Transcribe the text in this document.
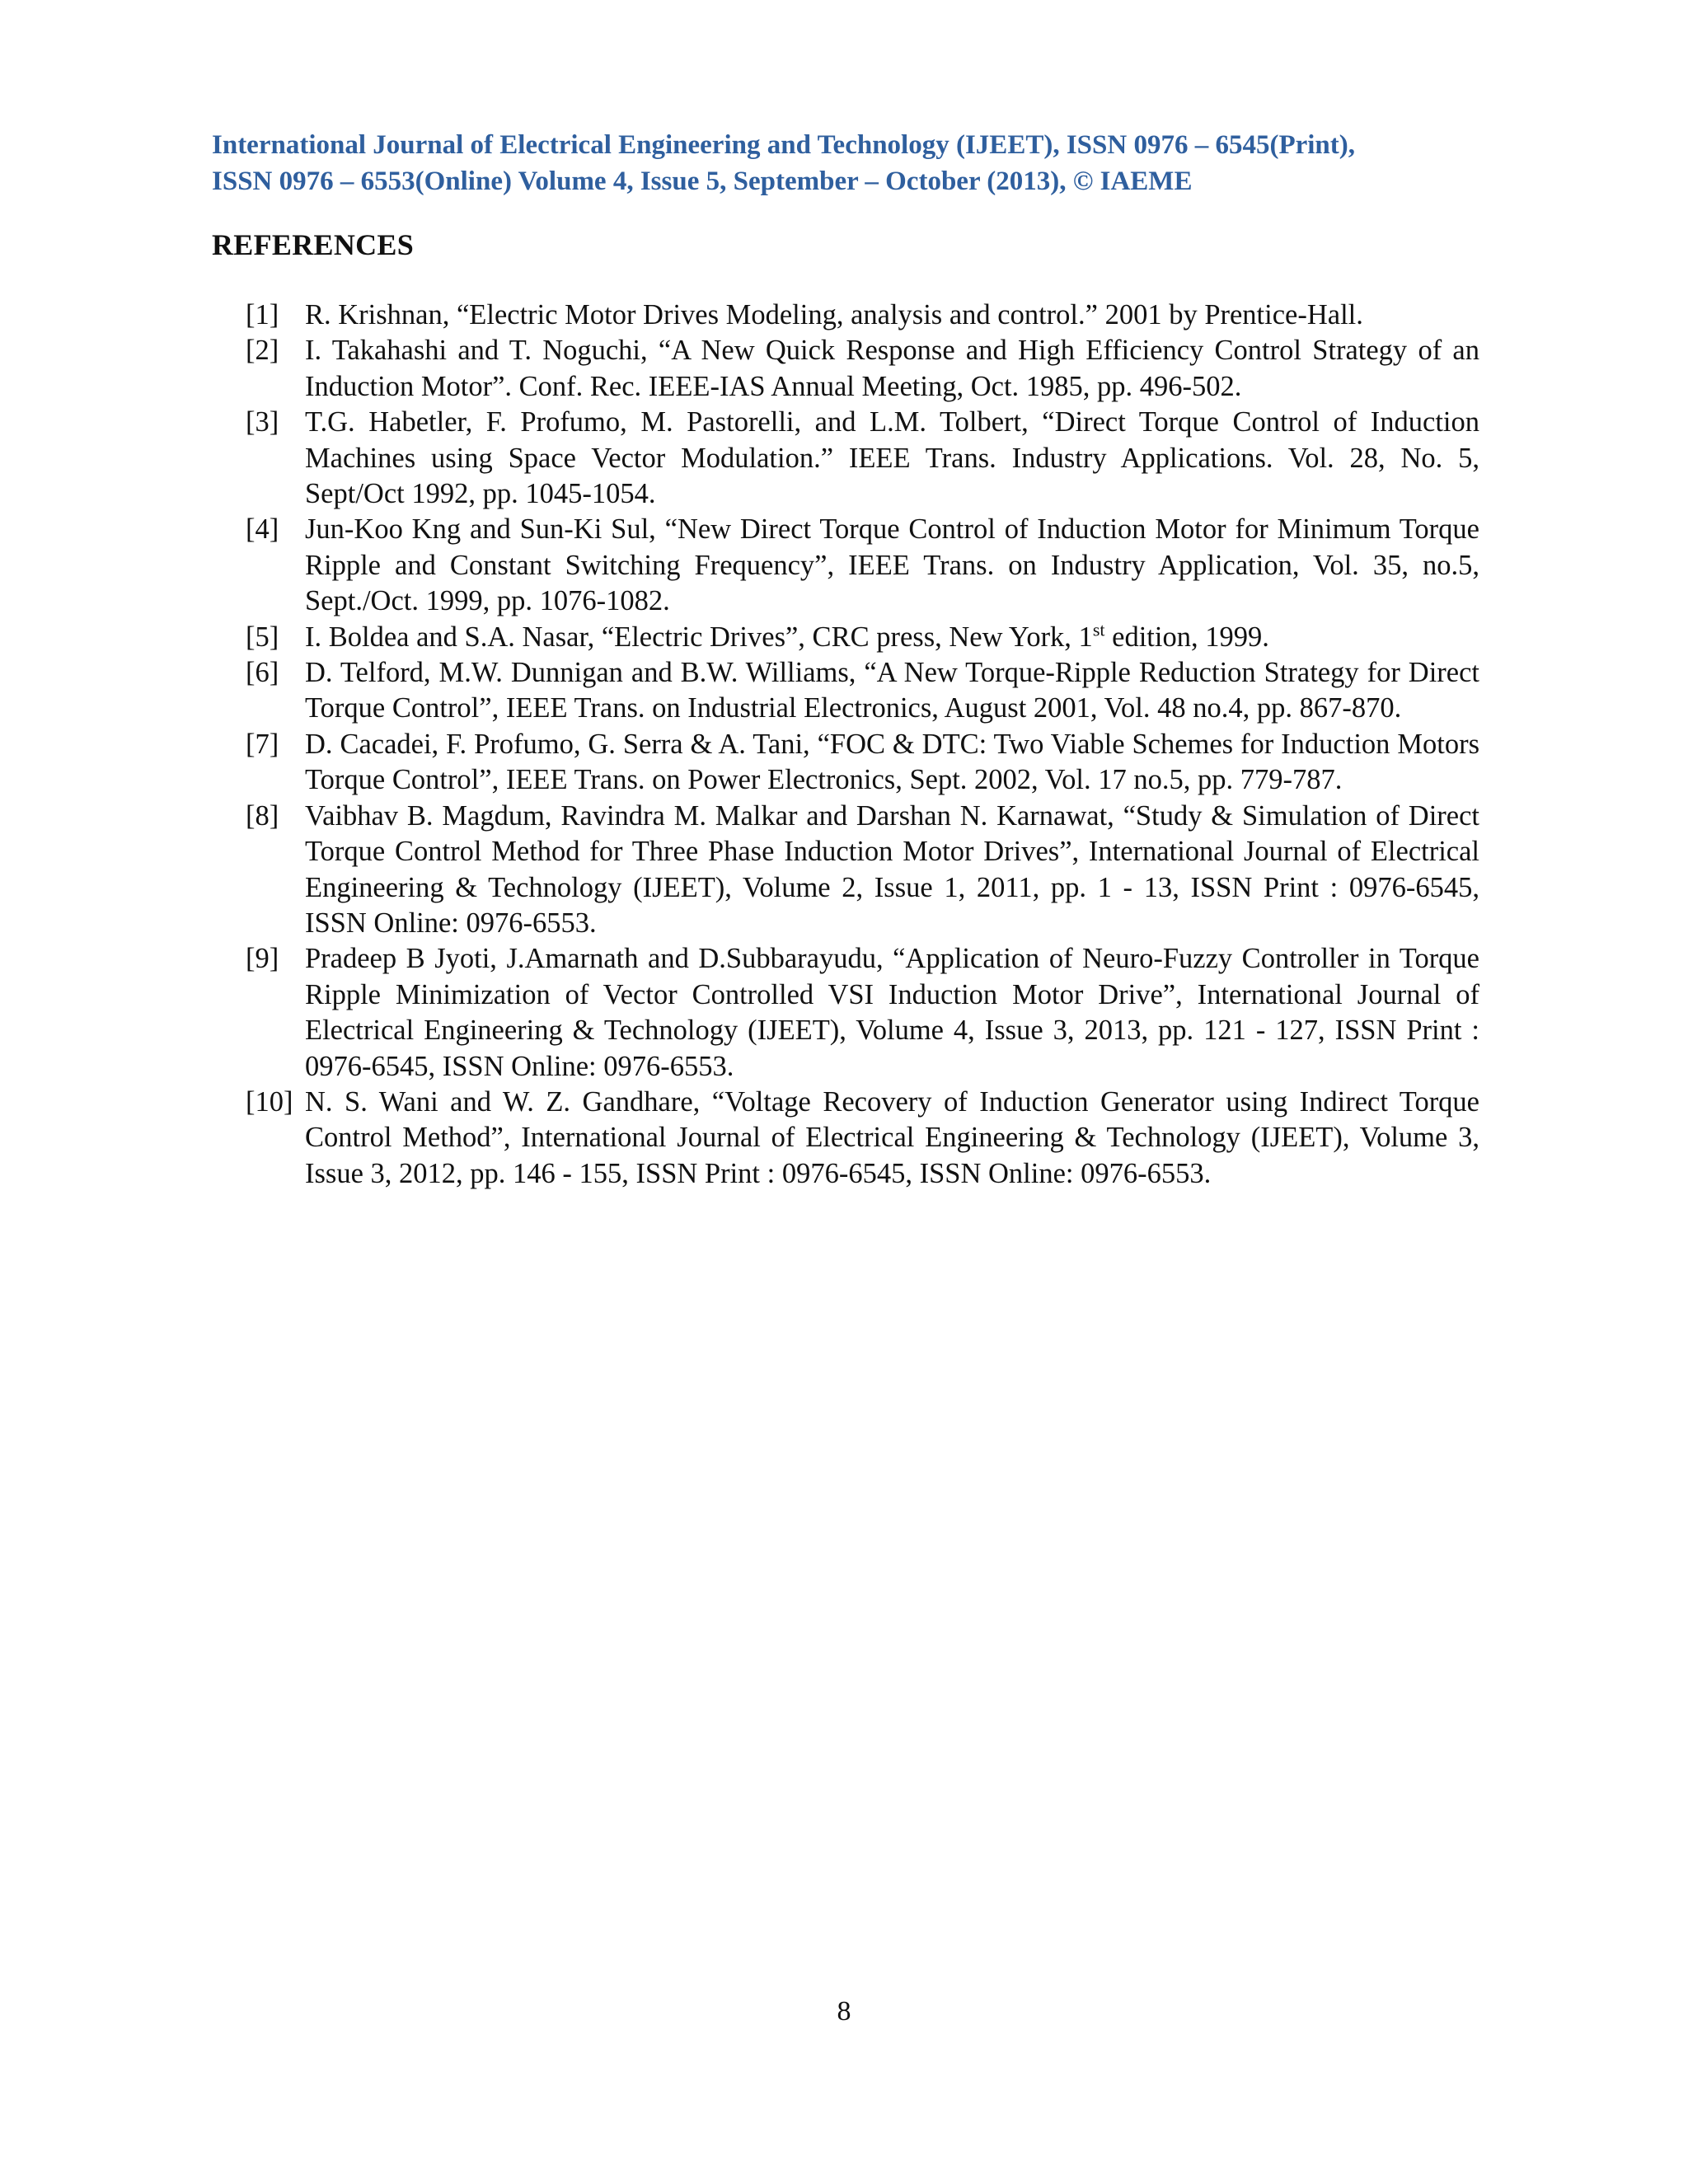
International Journal of Electrical Engineering and Technology (IJEET), ISSN 0976 – 6545(Print),
ISSN 0976 – 6553(Online) Volume 4, Issue 5, September – October (2013), © IAEME
REFERENCES
[1] R. Krishnan, “Electric Motor Drives Modeling, analysis and control.” 2001 by Prentice-Hall.
[2] I. Takahashi and T. Noguchi, “A New Quick Response and High Efficiency Control Strategy of an Induction Motor”. Conf. Rec. IEEE-IAS Annual Meeting, Oct. 1985, pp. 496-502.
[3] T.G. Habetler, F. Profumo, M. Pastorelli, and L.M. Tolbert, “Direct Torque Control of Induction Machines using Space Vector Modulation.” IEEE Trans. Industry Applications. Vol. 28, No. 5, Sept/Oct 1992, pp. 1045-1054.
[4] Jun-Koo Kng and Sun-Ki Sul, “New Direct Torque Control of Induction Motor for Minimum Torque Ripple and Constant Switching Frequency”, IEEE Trans. on Industry Application, Vol. 35, no.5, Sept./Oct. 1999, pp. 1076-1082.
[5] I. Boldea and S.A. Nasar, “Electric Drives”, CRC press, New York, 1st edition, 1999.
[6] D. Telford, M.W. Dunnigan and B.W. Williams, “A New Torque-Ripple Reduction Strategy for Direct Torque Control”, IEEE Trans. on Industrial Electronics, August 2001, Vol. 48 no.4, pp. 867-870.
[7] D. Cacadei, F. Profumo, G. Serra & A. Tani, “FOC & DTC: Two Viable Schemes for Induction Motors Torque Control”, IEEE Trans. on Power Electronics, Sept. 2002, Vol. 17 no.5, pp. 779-787.
[8] Vaibhav B. Magdum, Ravindra M. Malkar and Darshan N. Karnawat, “Study & Simulation of Direct Torque Control Method for Three Phase Induction Motor Drives”, International Journal of Electrical Engineering & Technology (IJEET), Volume 2, Issue 1, 2011, pp. 1 - 13, ISSN Print : 0976-6545, ISSN Online: 0976-6553.
[9] Pradeep B Jyoti, J.Amarnath and D.Subbarayudu, “Application of Neuro-Fuzzy Controller in Torque Ripple Minimization of Vector Controlled VSI Induction Motor Drive”, International Journal of Electrical Engineering & Technology (IJEET), Volume 4, Issue 3, 2013, pp. 121 - 127, ISSN Print : 0976-6545, ISSN Online: 0976-6553.
[10] N. S. Wani and W. Z. Gandhare, “Voltage Recovery of Induction Generator using Indirect Torque Control Method”, International Journal of Electrical Engineering & Technology (IJEET), Volume 3, Issue 3, 2012, pp. 146 - 155, ISSN Print : 0976-6545, ISSN Online: 0976-6553.
8
